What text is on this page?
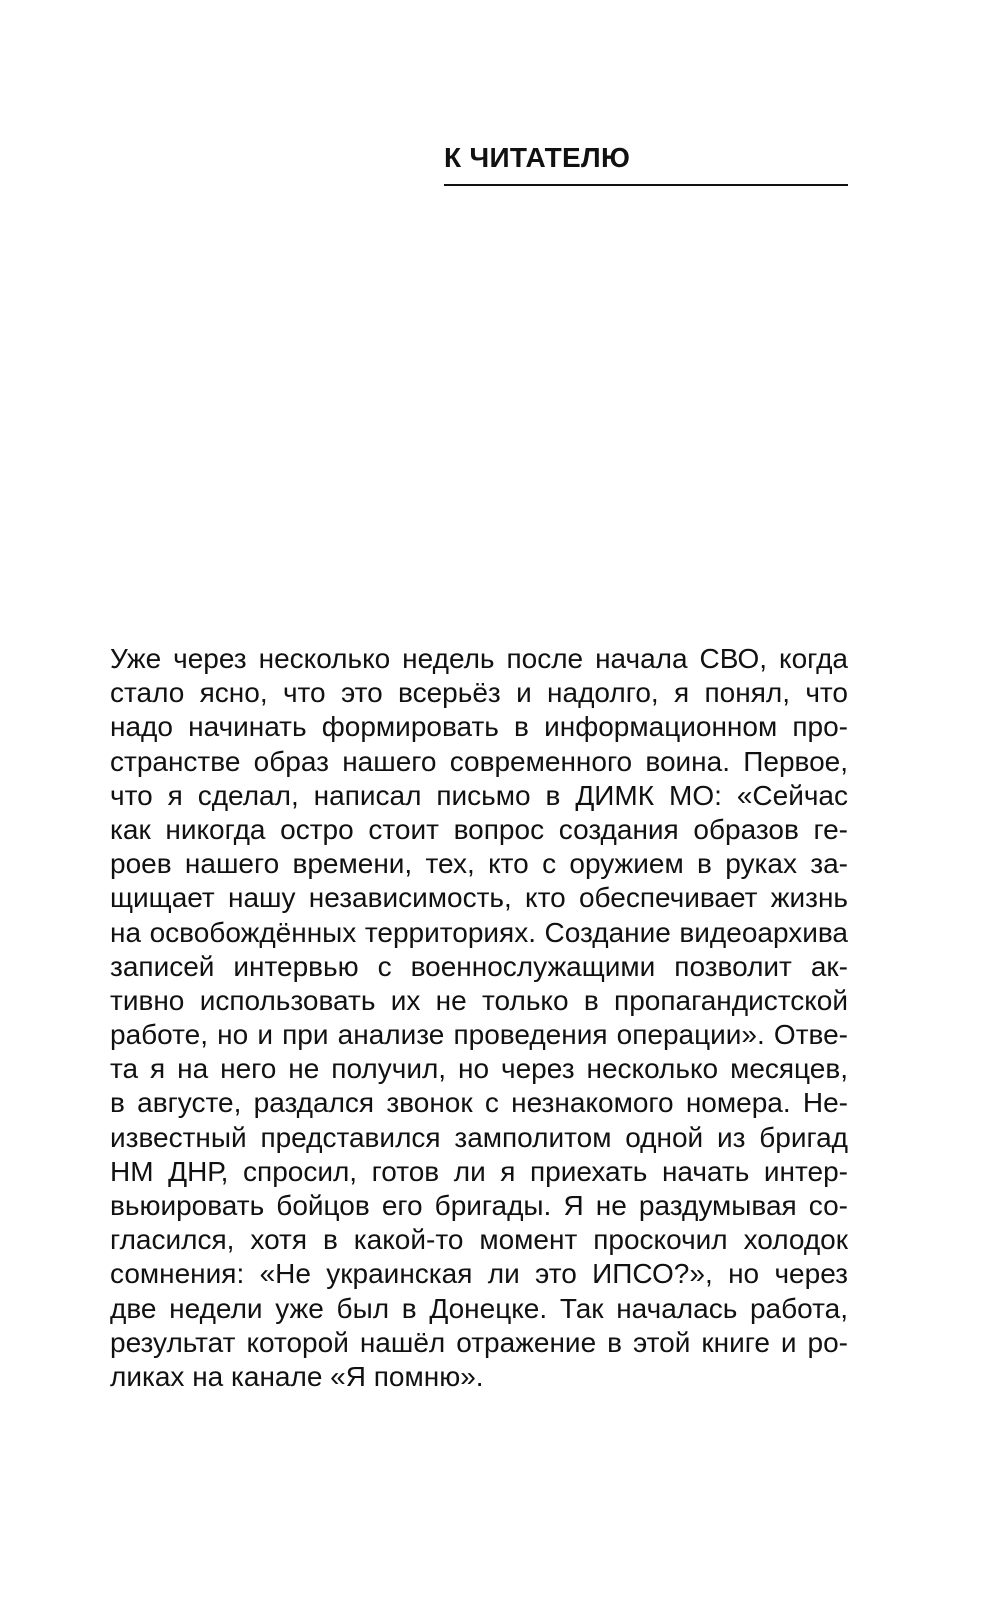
К ЧИТАТЕЛЮ
Уже через несколько недель после начала СВО, когда
стало ясно, что это всерьёз и надолго, я понял, что
надо начинать формировать в информационном про-
странстве образ нашего современного воина. Первое,
что я сделал, написал письмо в ДИМК МО: «Сейчас
как никогда остро стоит вопрос создания образов ге-
роев нашего времени, тех, кто с оружием в руках за-
щищает нашу независимость, кто обеспечивает жизнь
на освобождённых территориях. Создание видеоархива
записей интервью с военнослужащими позволит ак-
тивно использовать их не только в пропагандистской
работе, но и при анализе проведения операции». Отве-
та я на него не получил, но через несколько месяцев,
в августе, раздался звонок с незнакомого номера. Не-
известный представился замполитом одной из бригад
НМ ДНР, спросил, готов ли я приехать начать интер-
вьюировать бойцов его бригады. Я не раздумывая со-
гласился, хотя в какой-то момент проскочил холодок
сомнения: «Не украинская ли это ИПСО?», но через
две недели уже был в Донецке. Так началась работа,
результат которой нашёл отражение в этой книге и ро-
ликах на канале «Я помню».
